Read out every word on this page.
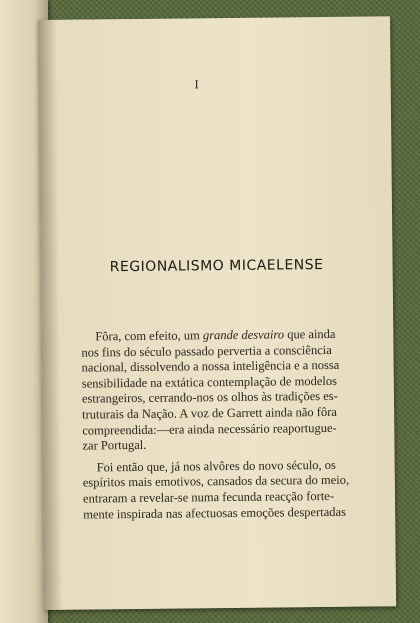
I
REGIONALISMO MICAELENSE
Fôra, com efeito, um grande desvairo que ainda
nos fins do século passado pervertia a consciência
nacional, dissolvendo a nossa inteligência e a nossa
sensibilidade na extática contemplação de modelos
estrangeiros, cerrando-nos os olhos às tradições es-
truturais da Nação. A voz de Garrett ainda não fôra
compreendida:—era ainda necessário reaportugue-
zar Portugal.
Foi então que, já nos alvôres do novo século, os
espíritos mais emotivos, cansados da secura do meio,
entraram a revelar-se numa fecunda reacção forte-
mente inspirada nas afectuosas emoções despertadas
